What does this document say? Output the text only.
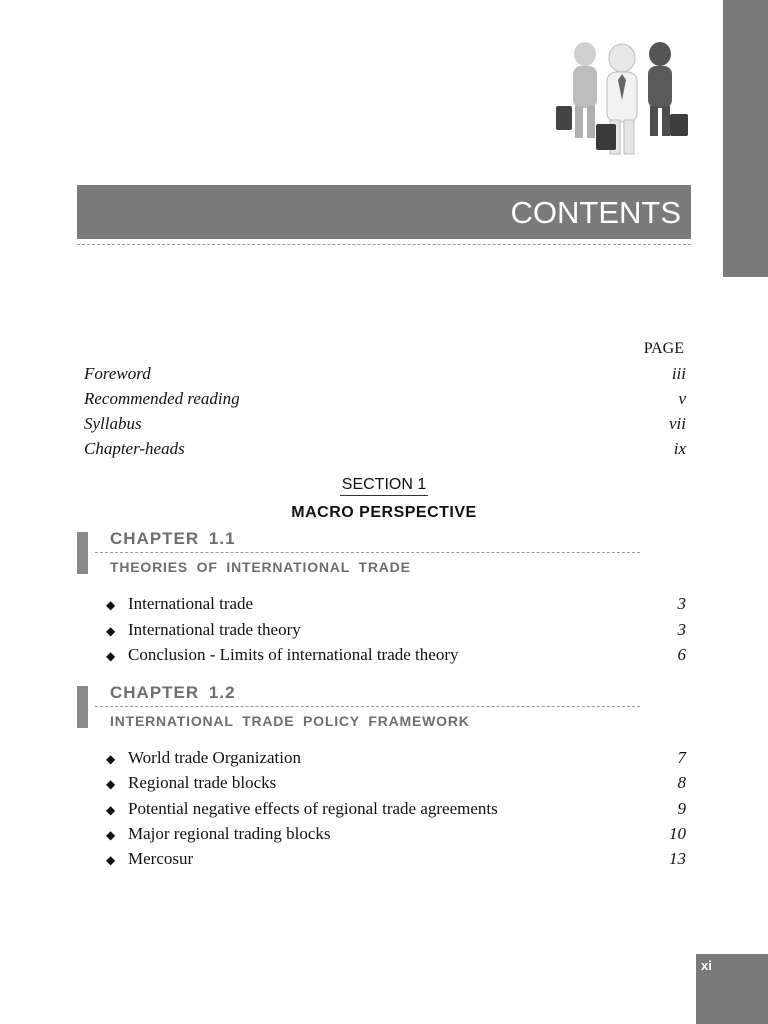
CONTENTS
PAGE
Foreword	iii
Recommended reading	v
Syllabus	vii
Chapter-heads	ix
SECTION 1
MACRO PERSPECTIVE
CHAPTER 1.1
THEORIES OF INTERNATIONAL TRADE
◆ International trade	3
◆ International trade theory	3
◆ Conclusion - Limits of international trade theory	6
CHAPTER 1.2
INTERNATIONAL TRADE POLICY FRAMEWORK
◆ World trade Organization	7
◆ Regional trade blocks	8
◆ Potential negative effects of regional trade agreements	9
◆ Major regional trading blocks	10
◆ Mercosur	13
xi
